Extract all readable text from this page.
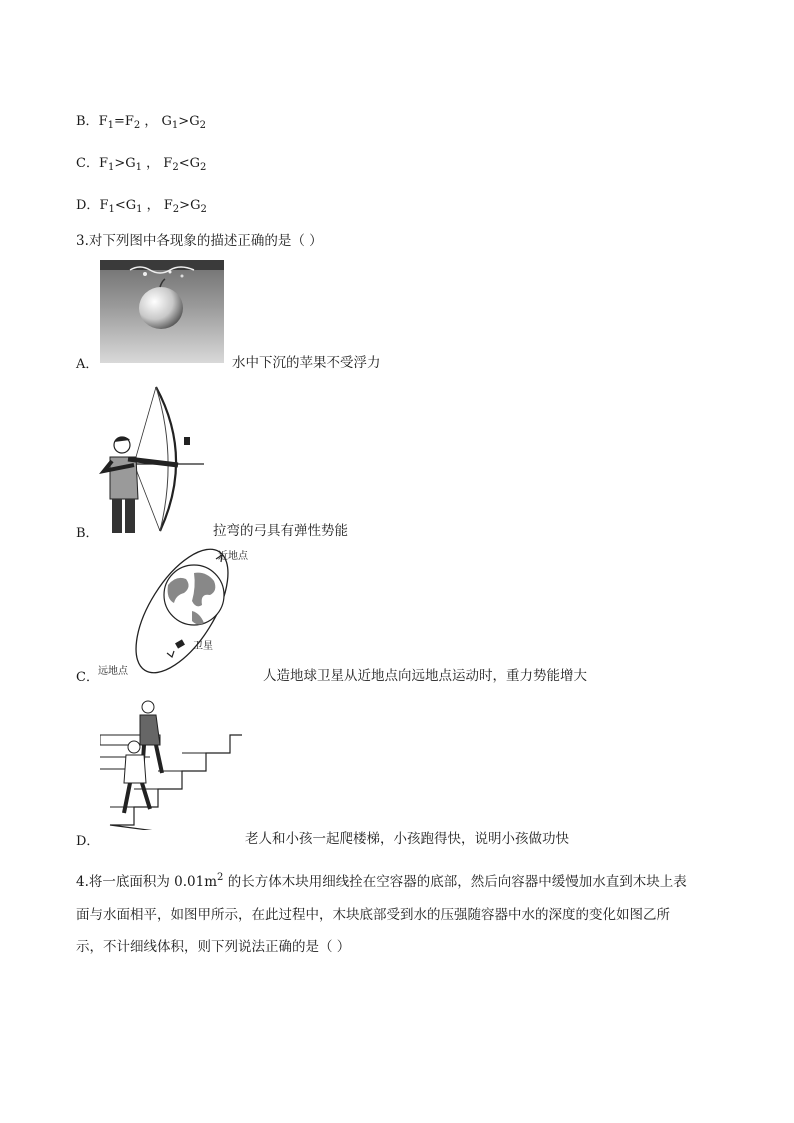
B．$F_1=F_2$ ， $G_1>G_2$
C．$F_1>G_1$ ， $F_2<G_2$
D．$F_1<G_1$ ， $F_2>G_2$
3.对下列图中各现象的描述正确的是（ ）
A．	水中下沉的苹果不受浮力
B．	拉弯的弓具有弹性势能
C．
近地点
卫星
远地点	人造地球卫星从近地点向远地点运动时，重力势能增大
D．	老人和小孩一起爬楼梯，小孩跑得快，说明小孩做功快
4.将一底面积为 $0.01m^2$ 的长方体木块用细线拴在空容器的底部，然后向容器中缓慢加水直到木块上表
面与水面相平，如图甲所示，在此过程中，木块底部受到水的压强随容器中水的深度的变化如图乙所
示，不计细线体积，则下列说法正确的是（ ）
